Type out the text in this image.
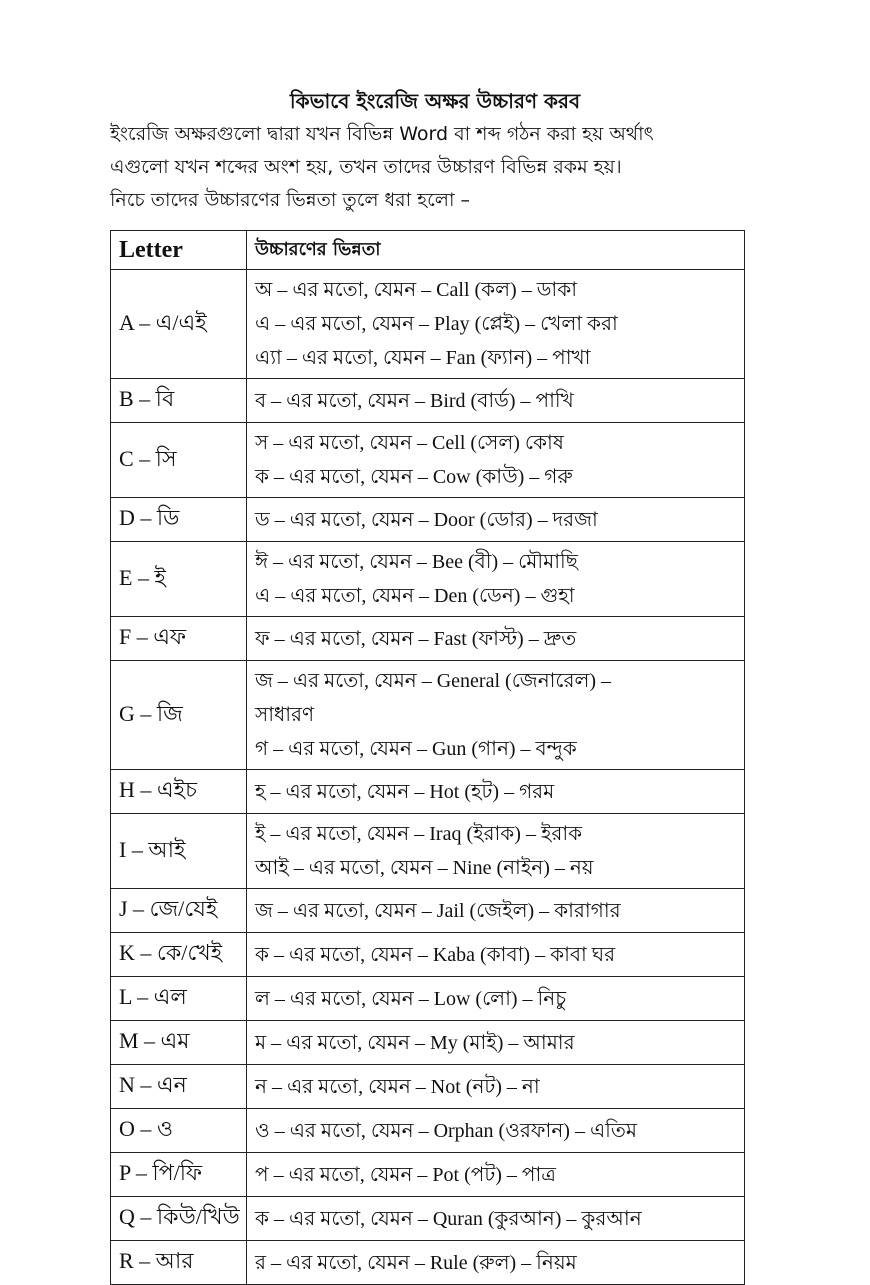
কিভাবে ইংরেজি অক্ষর উচ্চারণ করব
ইংরেজি অক্ষরগুলো দ্বারা যখন বিভিন্ন Word বা শব্দ গঠন করা হয় অর্থাৎ
এগুলো যখন শব্দের অংশ হয়, তখন তাদের উচ্চারণ বিভিন্ন রকম হয়।
নিচে তাদের উচ্চারণের ভিন্নতা তুলে ধরা হলো –
Letter	উচ্চারণের ভিন্নতা
A – এ/এই	অ – এর মতো, যেমন – Call (কল) – ডাকা
এ – এর মতো, যেমন – Play (প্লেই) – খেলা করা
এ্যা – এর মতো, যেমন – Fan (ফ্যান) – পাখা

B – বি	ব – এর মতো, যেমন – Bird (বার্ড) – পাখি

C – সি	স – এর মতো, যেমন – Cell (সেল) কোষ
ক – এর মতো, যেমন – Cow (কাউ) – গরু

D – ডি	ড – এর মতো, যেমন – Door (ডোর) – দরজা

E – ই	ঈ – এর মতো, যেমন – Bee (বী) – মৌমাছি
এ – এর মতো, যেমন – Den (ডেন) – গুহা

F – এফ	ফ – এর মতো, যেমন – Fast (ফাস্ট) – দ্রুত

G – জি	জ – এর মতো, যেমন – General (জেনারেল) –
সাধারণ
গ – এর মতো, যেমন – Gun (গান) – বন্দুক

H – এইচ	হ – এর মতো, যেমন – Hot (হট) – গরম

I – আই	ই – এর মতো, যেমন – Iraq (ইরাক) – ইরাক
আই – এর মতো, যেমন – Nine (নাইন) – নয়

J – জে/যেই	জ – এর মতো, যেমন – Jail (জেইল) – কারাগার

K – কে/খেই	ক – এর মতো, যেমন – Kaba (কাবা) – কাবা ঘর

L – এল	ল – এর মতো, যেমন – Low (লো) – নিচু

M – এম	ম – এর মতো, যেমন – My (মাই) – আমার

N – এন	ন – এর মতো, যেমন – Not (নট) – না

O – ও	ও – এর মতো, যেমন – Orphan (ওরফান) – এতিম

P – পি/ফি	প – এর মতো, যেমন – Pot (পট) – পাত্র

Q – কিউ/খিউ	ক – এর মতো, যেমন – Quran (কুরআন) – কুরআন

R – আর	র – এর মতো, যেমন – Rule (রুল) – নিয়ম
